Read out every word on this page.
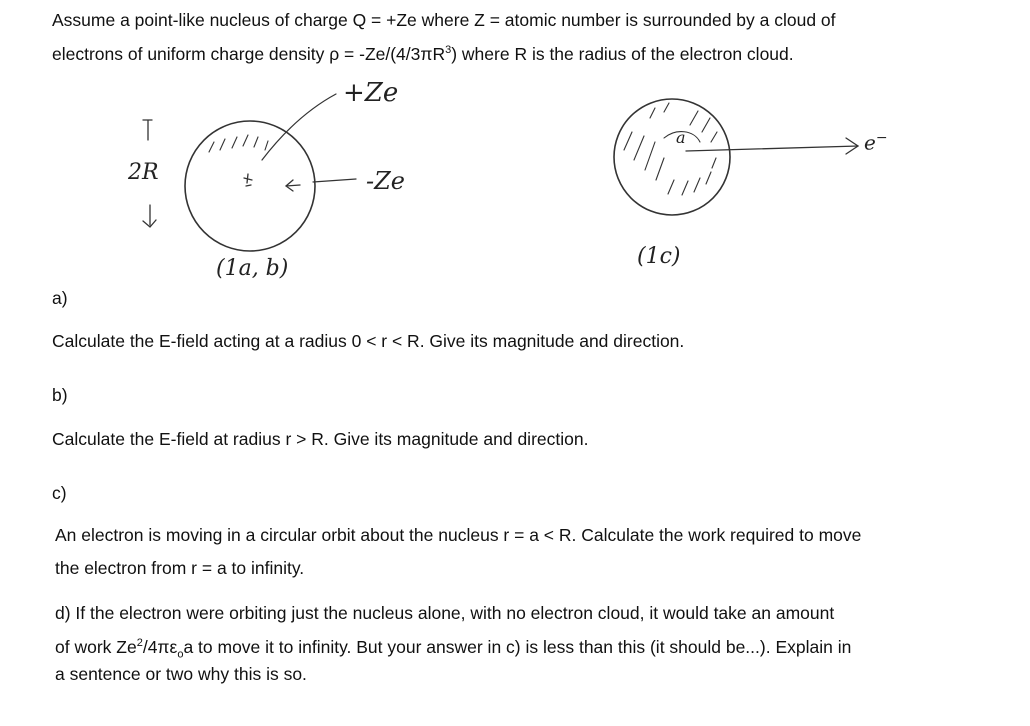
Assume a point-like nucleus of charge Q = +Ze where Z = atomic number is surrounded by a cloud of
electrons of uniform charge density $\rho = -Ze/(4/3\pi R^3)$ where R is the radius of the electron cloud.
+Ze
2R	-Ze
(1a, b)
a
(1c)
e−
a)
Calculate the E-field acting at a radius 0 < r < R. Give its magnitude and direction.
b)
Calculate the E-field at radius r > R. Give its magnitude and direction.
c)
An electron is moving in a circular orbit about the nucleus r = a < R. Calculate the work required to move
the electron from r = a to infinity.
d) If the electron were orbiting just the nucleus alone, with no electron cloud, it would take an amount
of work $Ze^2/4\pi\varepsilon_oa$ to move it to infinity. But your answer in c) is less than this (it should be...). Explain in
a sentence or two why this is so.
